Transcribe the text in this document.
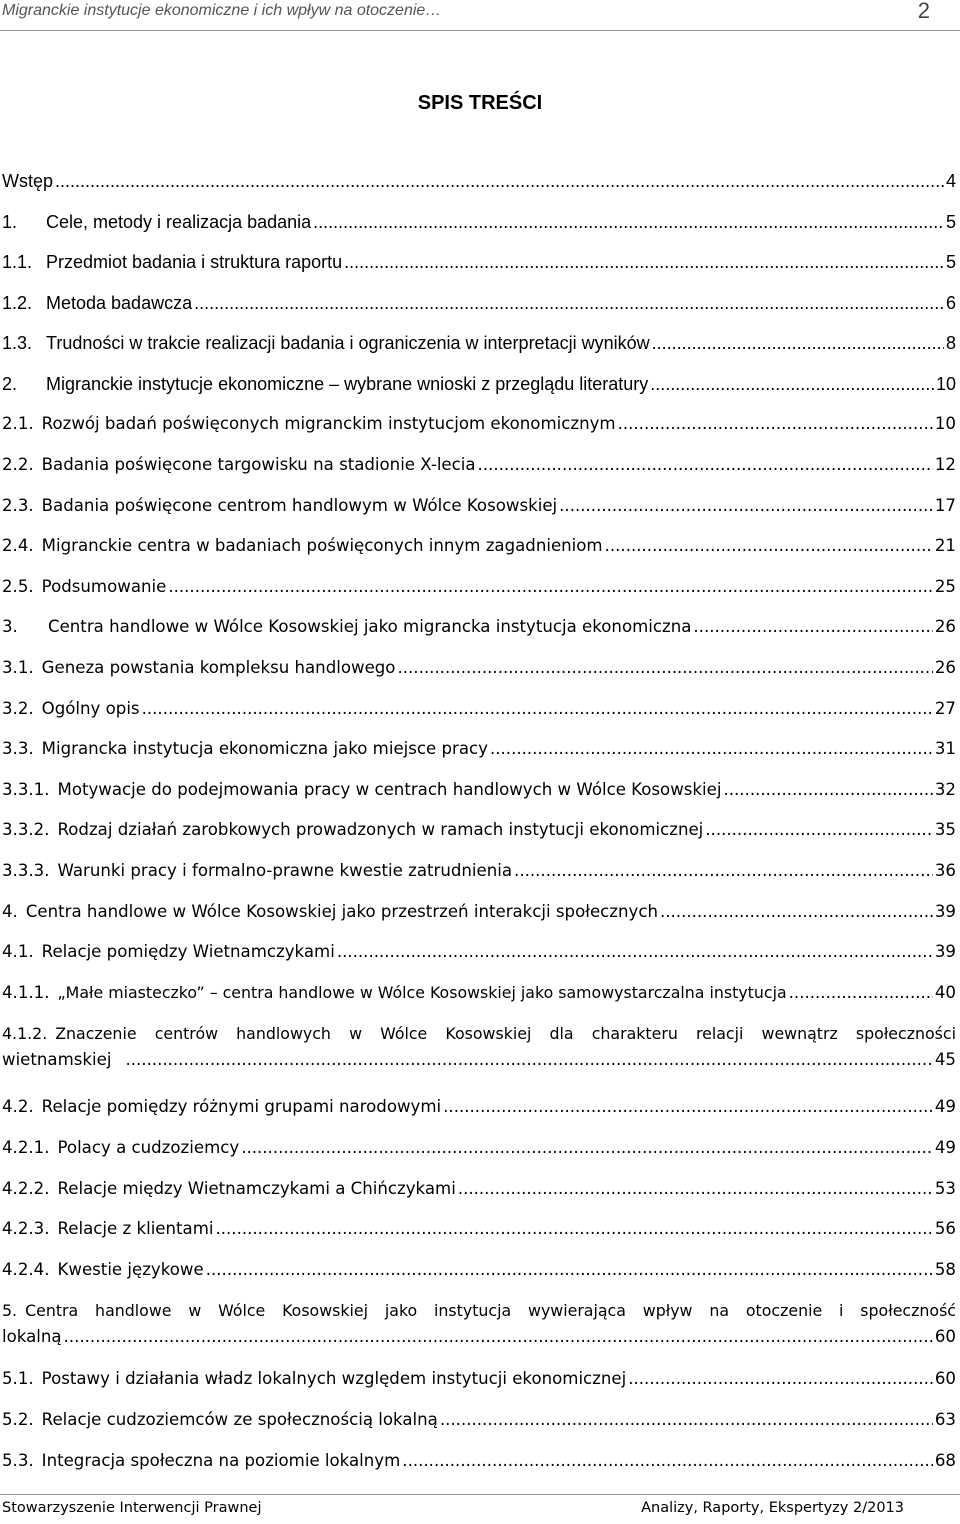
Migranckie instytucje ekonomiczne i ich wpływ na otoczenie…	2
SPIS TREŚCI
Wstęp .....	4
1.	Cele, metody i realizacja badania .....	5
1.1. Przedmiot badania i struktura raportu .....	5
1.2. Metoda badawcza .....	6
1.3. Trudności w trakcie realizacji badania i ograniczenia w interpretacji wyników .....	8
2.	Migranckie instytucje ekonomiczne – wybrane wnioski z przeglądu literatury .....	10
2.1. Rozwój badań poświęconych migranckim instytucjom ekonomicznym .....	10
2.2. Badania poświęcone targowisku na stadionie X-lecia .....	12
2.3. Badania poświęcone centrom handlowym w Wólce Kosowskiej .....	17
2.4. Migranckie centra w badaniach poświęconych innym zagadnieniom .....	21
2.5. Podsumowanie .....	25
3.	Centra handlowe w Wólce Kosowskiej jako migrancka instytucja ekonomiczna .....	26
3.1. Geneza powstania kompleksu handlowego .....	26
3.2. Ogólny opis .....	27
3.3. Migrancka instytucja ekonomiczna jako miejsce pracy .....	31
3.3.1. Motywacje do podejmowania pracy w centrach handlowych w Wólce Kosowskiej .....	32
3.3.2. Rodzaj działań zarobkowych prowadzonych w ramach instytucji ekonomicznej .....	35
3.3.3. Warunki pracy i formalno-prawne kwestie zatrudnienia .....	36
4. Centra handlowe w Wólce Kosowskiej jako przestrzeń interakcji społecznych .....	39
4.1. Relacje pomiędzy Wietnamczykami .....	39
4.1.1. „Małe miasteczko” – centra handlowe w Wólce Kosowskiej jako samowystarczalna instytucja .....	40
4.1.2. Znaczenie centrów handlowych w Wólce Kosowskiej dla charakteru relacji wewnątrz społeczności
wietnamskiej .....	45
4.2. Relacje pomiędzy różnymi grupami narodowymi .....	49
4.2.1. Polacy a cudzoziemcy .....	49
4.2.2. Relacje między Wietnamczykami a Chińczykami .....	53
4.2.3. Relacje z klientami .....	56
4.2.4. Kwestie językowe .....	58
5. Centra handlowe w Wólce Kosowskiej jako instytucja wywierająca wpływ na otoczenie i społeczność
lokalną .....	60
5.1. Postawy i działania władz lokalnych względem instytucji ekonomicznej .....	60
5.2. Relacje cudzoziemców ze społecznością lokalną .....	63
5.3. Integracja społeczna na poziomie lokalnym .....	68
Stowarzyszenie Interwencji Prawnej	Analizy, Raporty, Ekspertyzy 2/2013
